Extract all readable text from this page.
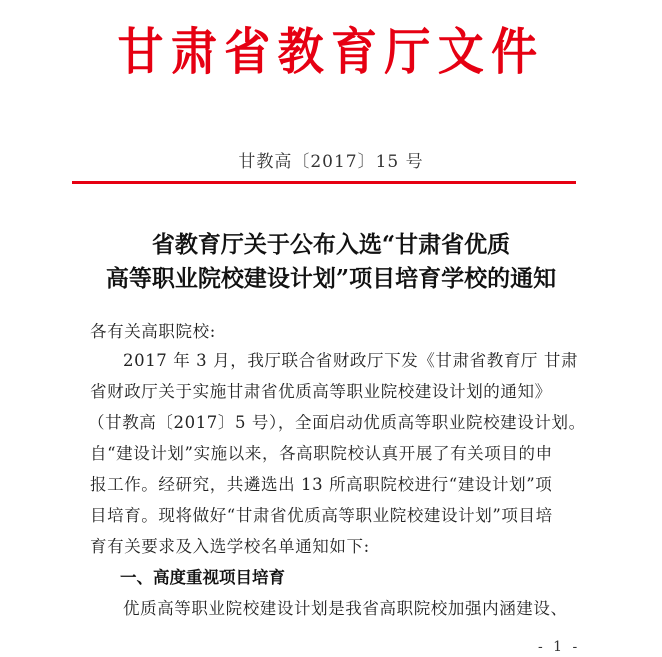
甘肃省教育厅文件
甘教高〔2017〕15 号
省教育厅关于公布入选“甘肃省优质
高等职业院校建设计划”项目培育学校的通知
各有关高职院校:
2017 年 3 月，我厅联合省财政厅下发《甘肃省教育厅 甘肃
省财政厅关于实施甘肃省优质高等职业院校建设计划的通知》
（甘教高〔2017〕5 号），全面启动优质高等职业院校建设计划。
自“建设计划”实施以来，各高职院校认真开展了有关项目的申
报工作。经研究，共遴选出 13 所高职院校进行“建设计划”项
目培育。现将做好“甘肃省优质高等职业院校建设计划”项目培
育有关要求及入选学校名单通知如下:
一、高度重视项目培育
优质高等职业院校建设计划是我省高职院校加强内涵建设、
- 1 -
